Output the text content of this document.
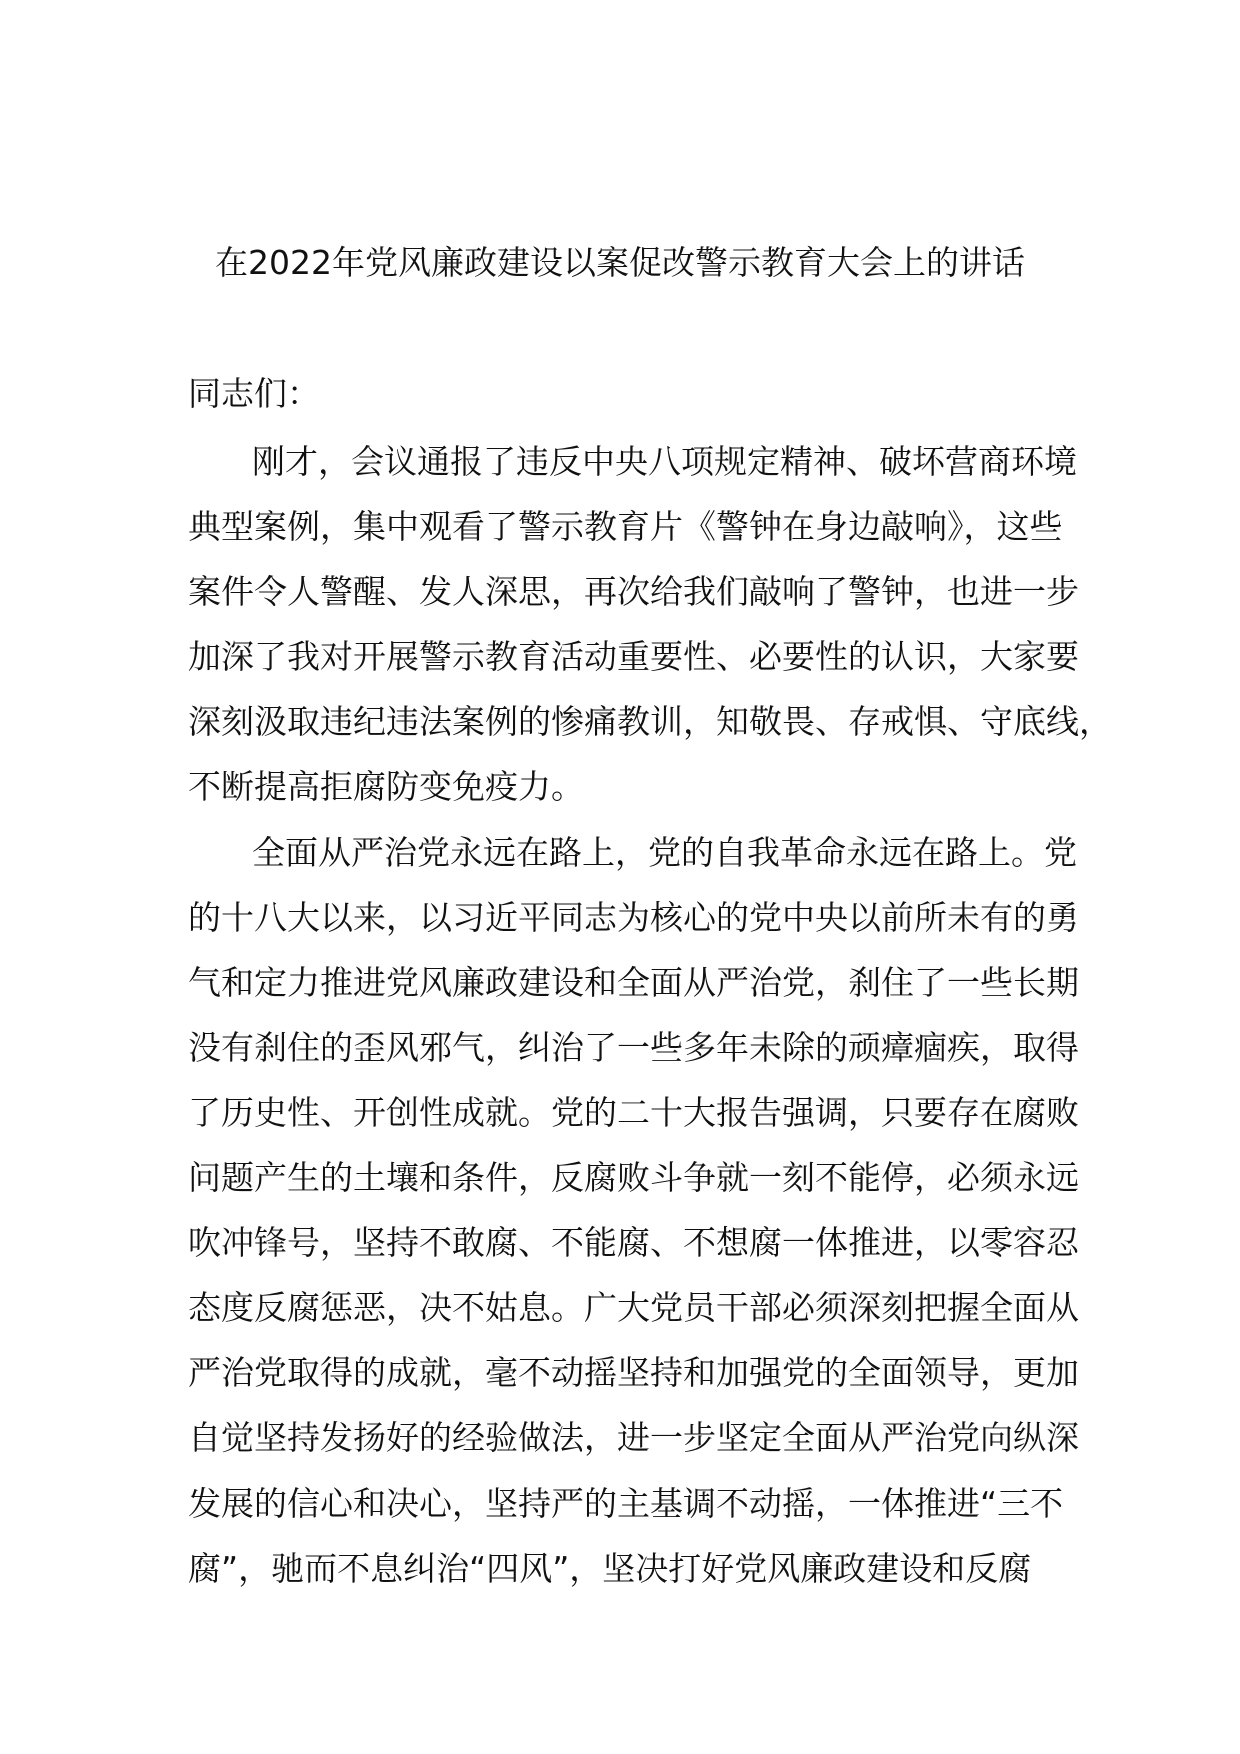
在2022年党风廉政建设以案促改警示教育大会上的讲话

同志们：

刚才，会议通报了违反中央八项规定精神、破坏营商环境
典型案例，集中观看了警示教育片《警钟在身边敲响》，这些
案件令人警醒、发人深思，再次给我们敲响了警钟，也进一步
加深了我对开展警示教育活动重要性、必要性的认识，大家要
深刻汲取违纪违法案例的惨痛教训，知敬畏、存戒惧、守底线，
不断提高拒腐防变免疫力。
全面从严治党永远在路上，党的自我革命永远在路上。党
的十八大以来，以习近平同志为核心的党中央以前所未有的勇
气和定力推进党风廉政建设和全面从严治党，刹住了一些长期
没有刹住的歪风邪气，纠治了一些多年未除的顽瘴痼疾，取得
了历史性、开创性成就。党的二十大报告强调，只要存在腐败
问题产生的土壤和条件，反腐败斗争就一刻不能停，必须永远
吹冲锋号，坚持不敢腐、不能腐、不想腐一体推进，以零容忍
态度反腐惩恶，决不姑息。广大党员干部必须深刻把握全面从
严治党取得的成就，毫不动摇坚持和加强党的全面领导，更加
自觉坚持发扬好的经验做法，进一步坚定全面从严治党向纵深
发展的信心和决心，坚持严的主基调不动摇，一体推进“三不
腐”，驰而不息纠治“四风”，坚决打好党风廉政建设和反腐
